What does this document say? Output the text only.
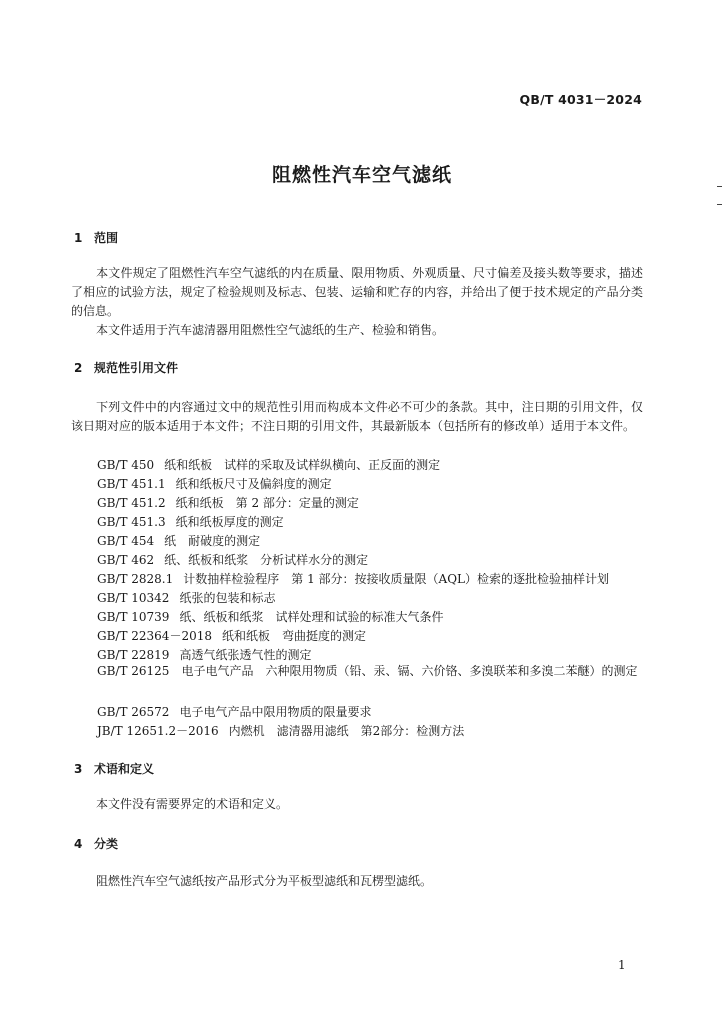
QB/T 4031－2024
阻燃性汽车空气滤纸
1 范围
本文件规定了阻燃性汽车空气滤纸的内在质量、限用物质、外观质量、尺寸偏差及接头数等要求，描述了相应的试验方法，规定了检验规则及标志、包装、运输和贮存的内容，并给出了便于技术规定的产品分类的信息。
本文件适用于汽车滤清器用阻燃性空气滤纸的生产、检验和销售。
2 规范性引用文件
下列文件中的内容通过文中的规范性引用而构成本文件必不可少的条款。其中，注日期的引用文件，仅该日期对应的版本适用于本文件；不注日期的引用文件，其最新版本（包括所有的修改单）适用于本文件。
GB/T 450 纸和纸板　试样的采取及试样纵横向、正反面的测定
GB/T 451.1 纸和纸板尺寸及偏斜度的测定
GB/T 451.2 纸和纸板　第 2 部分：定量的测定
GB/T 451.3 纸和纸板厚度的测定
GB/T 454 纸　耐破度的测定
GB/T 462 纸、纸板和纸浆　分析试样水分的测定
GB/T 2828.1 计数抽样检验程序　第 1 部分：按接收质量限（AQL）检索的逐批检验抽样计划
GB/T 10342 纸张的包装和标志
GB/T 10739 纸、纸板和纸浆　试样处理和试验的标准大气条件
GB/T 22364－2018 纸和纸板　弯曲挺度的测定
GB/T 22819 高透气纸张透气性的测定
GB/T 26125　 电子电气产品　六种限用物质（铅、汞、镉、六价铬、多溴联苯和多溴二苯醚）的测定
GB/T 26572 电子电气产品中限用物质的限量要求
JB/T 12651.2－2016 内燃机　滤清器用滤纸　第2部分：检测方法
3 术语和定义
本文件没有需要界定的术语和定义。
4 分类
阻燃性汽车空气滤纸按产品形式分为平板型滤纸和瓦楞型滤纸。
1
